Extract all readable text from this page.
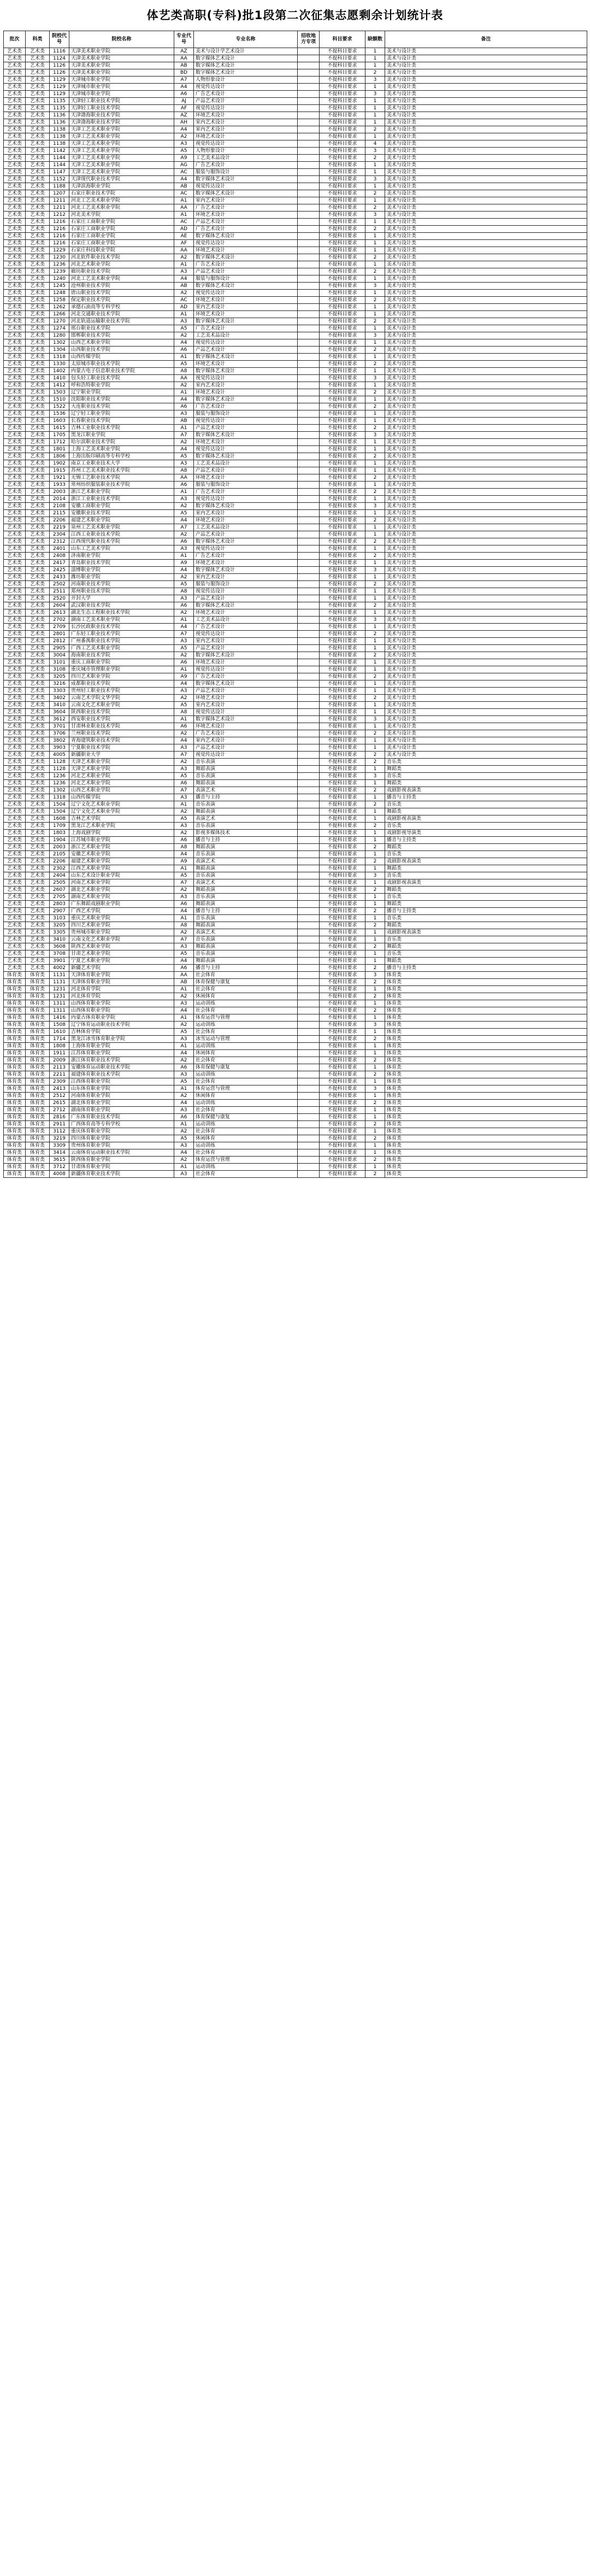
体艺类高职(专科)批1段第二次征集志愿剩余计划统计表
批次	科类	院校代号	院校名称	专业代号	专业名称	招收地方专项	科目要求	缺额数	备注
艺术类	艺术类	1116	天津美术职业学院	AZ	美术与设计学艺术设计		不提科目要求	1	美术与设计类
艺术类	艺术类	1124	天津美术职业学院	AA	数字媒体艺术设计		不提科目要求	1	美术与设计类
艺术类	艺术类	1126	天津美术职业学院	AB	数字媒体艺术设计		不提科目要求	1	美术与设计类
艺术类	艺术类	1126	天津美术职业学院	BD	数字媒体艺术设计		不提科目要求	2	美术与设计类
艺术类	艺术类	1129	天津城市职业学院	A7	人物形象设计		不提科目要求	3	美术与设计类
艺术类	艺术类	1129	天津城市职业学院	A4	视觉传达设计		不提科目要求	1	美术与设计类
艺术类	艺术类	1129	天津城市职业学院	A6	广告艺术设计		不提科目要求	3	美术与设计类
艺术类	艺术类	1135	天津轻工职业技术学院	AJ	产品艺术设计		不提科目要求	1	美术与设计类
艺术类	艺术类	1135	天津轻工职业技术学院	AF	视觉传达设计		不提科目要求	1	美术与设计类
艺术类	艺术类	1136	天津渤海职业技术学院	AZ	环境艺术设计		不提科目要求	1	美术与设计类
艺术类	艺术类	1136	天津渤海职业技术学院	AH	室内艺术设计		不提科目要求	1	美术与设计类
艺术类	艺术类	1138	天津工艺美术职业学院	A4	室内艺术设计		不提科目要求	2	美术与设计类
艺术类	艺术类	1138	天津工艺美术职业学院	A2	环境艺术设计		不提科目要求	1	美术与设计类
艺术类	艺术类	1138	天津工艺美术职业学院	A3	视觉传达设计		不提科目要求	4	美术与设计类
艺术类	艺术类	1142	天津工艺美术职业学院	A5	人物形象设计		不提科目要求	3	美术与设计类
艺术类	艺术类	1144	天津工艺美术职业学院	A9	工艺美术品设计		不提科目要求	2	美术与设计类
艺术类	艺术类	1144	天津工艺美术职业学院	AG	广告艺术设计		不提科目要求	1	美术与设计类
艺术类	艺术类	1147	天津工艺美术职业学院	AC	服装与服饰设计		不提科目要求	1	美术与设计类
艺术类	艺术类	1152	天津现代职业技术学院	A4	数字媒体艺术设计		不提科目要求	3	美术与设计类
艺术类	艺术类	1188	天津滨海职业学院	AB	视觉传达设计		不提科目要求	1	美术与设计类
艺术类	艺术类	1207	石家庄职业技术学院	AC	数字媒体艺术设计		不提科目要求	2	美术与设计类
艺术类	艺术类	1211	河北工艺美术职业学院	A1	室内艺术设计		不提科目要求	1	美术与设计类
艺术类	艺术类	1211	河北工艺美术职业学院	AA	广告艺术设计		不提科目要求	2	美术与设计类
艺术类	艺术类	1212	河北美术学院	A1	环境艺术设计		不提科目要求	3	美术与设计类
艺术类	艺术类	1216	石家庄工商职业学院	AC	产品艺术设计		不提科目要求	1	美术与设计类
艺术类	艺术类	1216	石家庄工商职业学院	AD	广告艺术设计		不提科目要求	2	美术与设计类
艺术类	艺术类	1216	石家庄工商职业学院	AE	数字媒体艺术设计		不提科目要求	1	美术与设计类
艺术类	艺术类	1216	石家庄工商职业学院	AF	视觉传达设计		不提科目要求	1	美术与设计类
艺术类	艺术类	1229	石家庄科技职业学院	AA	环境艺术设计		不提科目要求	1	美术与设计类
艺术类	艺术类	1230	河北软件职业技术学院	A2	数字媒体艺术设计		不提科目要求	2	美术与设计类
艺术类	艺术类	1236	河北艺术职业学院	A1	广告艺术设计		不提科目要求	1	美术与设计类
艺术类	艺术类	1239	廊坊职业技术学院	A3	产品艺术设计		不提科目要求	2	美术与设计类
艺术类	艺术类	1240	河北工艺美术职业学院	A4	服装与服饰设计		不提科目要求	1	美术与设计类
艺术类	艺术类	1245	沧州职业技术学院	AB	数字媒体艺术设计		不提科目要求	3	美术与设计类
艺术类	艺术类	1248	唐山职业技术学院	A2	视觉传达设计		不提科目要求	1	美术与设计类
艺术类	艺术类	1258	保定职业技术学院	AC	环境艺术设计		不提科目要求	2	美术与设计类
艺术类	艺术类	1262	承德石油高等专科学校	AD	室内艺术设计		不提科目要求	1	美术与设计类
艺术类	艺术类	1266	河北交通职业技术学院	A1	环境艺术设计		不提科目要求	1	美术与设计类
艺术类	艺术类	1270	河北轨道运输职业技术学院	A3	数字媒体艺术设计		不提科目要求	2	美术与设计类
艺术类	艺术类	1274	邢台职业技术学院	A5	广告艺术设计		不提科目要求	1	美术与设计类
艺术类	艺术类	1280	邯郸职业技术学院	A2	工艺美术品设计		不提科目要求	3	美术与设计类
艺术类	艺术类	1302	山西艺术职业学院	A4	视觉传达设计		不提科目要求	1	美术与设计类
艺术类	艺术类	1304	山西职业技术学院	A6	产品艺术设计		不提科目要求	2	美术与设计类
艺术类	艺术类	1318	山西传媒学院	A1	数字媒体艺术设计		不提科目要求	1	美术与设计类
艺术类	艺术类	1330	太原城市职业技术学院	A5	环境艺术设计		不提科目要求	2	美术与设计类
艺术类	艺术类	1402	内蒙古电子信息职业技术学院	A8	数字媒体艺术设计		不提科目要求	1	美术与设计类
艺术类	艺术类	1410	包头轻工职业技术学院	AA	视觉传达设计		不提科目要求	3	美术与设计类
艺术类	艺术类	1412	呼和浩特职业学院	A2	室内艺术设计		不提科目要求	1	美术与设计类
艺术类	艺术类	1503	辽宁职业学院	A1	环境艺术设计		不提科目要求	2	美术与设计类
艺术类	艺术类	1510	沈阳职业技术学院	A4	数字媒体艺术设计		不提科目要求	1	美术与设计类
艺术类	艺术类	1522	大连职业技术学院	A6	广告艺术设计		不提科目要求	2	美术与设计类
艺术类	艺术类	1536	辽宁轻工职业学院	A3	服装与服饰设计		不提科目要求	1	美术与设计类
艺术类	艺术类	1603	长春职业技术学院	AB	视觉传达设计		不提科目要求	1	美术与设计类
艺术类	艺术类	1615	吉林工业职业技术学院	A1	产品艺术设计		不提科目要求	2	美术与设计类
艺术类	艺术类	1705	黑龙江职业学院	A7	数字媒体艺术设计		不提科目要求	3	美术与设计类
艺术类	艺术类	1712	哈尔滨职业技术学院	A2	环境艺术设计		不提科目要求	1	美术与设计类
艺术类	艺术类	1801	上海工艺美术职业学院	A4	视觉传达设计		不提科目要求	1	美术与设计类
艺术类	艺术类	1806	上海出版印刷高等专科学校	A5	数字媒体艺术设计		不提科目要求	2	美术与设计类
艺术类	艺术类	1902	南京工业职业技术大学	A3	工艺美术品设计		不提科目要求	1	美术与设计类
艺术类	艺术类	1915	苏州工艺美术职业技术学院	A8	产品艺术设计		不提科目要求	1	美术与设计类
艺术类	艺术类	1921	无锡工艺职业技术学院	AA	环境艺术设计		不提科目要求	2	美术与设计类
艺术类	艺术类	1933	常州纺织服装职业技术学院	A6	服装与服饰设计		不提科目要求	1	美术与设计类
艺术类	艺术类	2003	浙江艺术职业学院	A1	广告艺术设计		不提科目要求	2	美术与设计类
艺术类	艺术类	2014	浙江工业职业技术学院	A3	视觉传达设计		不提科目要求	1	美术与设计类
艺术类	艺术类	2108	安徽工商职业学院	A2	数字媒体艺术设计		不提科目要求	3	美术与设计类
艺术类	艺术类	2115	安徽职业技术学院	A5	室内艺术设计		不提科目要求	1	美术与设计类
艺术类	艺术类	2206	福建艺术职业学院	A4	环境艺术设计		不提科目要求	2	美术与设计类
艺术类	艺术类	2219	泉州工艺美术职业学院	A7	工艺美术品设计		不提科目要求	1	美术与设计类
艺术类	艺术类	2304	江西工业职业技术学院	A2	产品艺术设计		不提科目要求	1	美术与设计类
艺术类	艺术类	2312	江西现代职业技术学院	A6	数字媒体艺术设计		不提科目要求	2	美术与设计类
艺术类	艺术类	2401	山东工艺美术学院	A3	视觉传达设计		不提科目要求	1	美术与设计类
艺术类	艺术类	2408	济南职业学院	A1	广告艺术设计		不提科目要求	2	美术与设计类
艺术类	艺术类	2417	青岛职业技术学院	A9	环境艺术设计		不提科目要求	1	美术与设计类
艺术类	艺术类	2425	淄博职业学院	A4	数字媒体艺术设计		不提科目要求	3	美术与设计类
艺术类	艺术类	2433	潍坊职业学院	A2	室内艺术设计		不提科目要求	1	美术与设计类
艺术类	艺术类	2502	河南职业技术学院	A5	服装与服饰设计		不提科目要求	2	美术与设计类
艺术类	艺术类	2511	郑州职业技术学院	A8	视觉传达设计		不提科目要求	1	美术与设计类
艺术类	艺术类	2520	开封大学	A3	产品艺术设计		不提科目要求	1	美术与设计类
艺术类	艺术类	2604	武汉职业技术学院	A6	数字媒体艺术设计		不提科目要求	2	美术与设计类
艺术类	艺术类	2613	湖北生态工程职业技术学院	A2	环境艺术设计		不提科目要求	1	美术与设计类
艺术类	艺术类	2702	湖南工艺美术职业学院	A1	工艺美术品设计		不提科目要求	3	美术与设计类
艺术类	艺术类	2709	长沙民政职业技术学院	A4	广告艺术设计		不提科目要求	1	美术与设计类
艺术类	艺术类	2801	广东轻工职业技术学院	A7	视觉传达设计		不提科目要求	2	美术与设计类
艺术类	艺术类	2812	广州番禺职业技术学院	A3	室内艺术设计		不提科目要求	1	美术与设计类
艺术类	艺术类	2905	广西工艺美术职业学院	A5	产品艺术设计		不提科目要求	1	美术与设计类
艺术类	艺术类	3004	海南职业技术学院	A2	数字媒体艺术设计		不提科目要求	2	美术与设计类
艺术类	艺术类	3101	重庆工商职业学院	A6	环境艺术设计		不提科目要求	1	美术与设计类
艺术类	艺术类	3108	重庆城市管理职业学院	A1	视觉传达设计		不提科目要求	1	美术与设计类
艺术类	艺术类	3205	四川艺术职业学院	A9	广告艺术设计		不提科目要求	2	美术与设计类
艺术类	艺术类	3216	成都职业技术学院	A4	数字媒体艺术设计		不提科目要求	1	美术与设计类
艺术类	艺术类	3303	贵州轻工职业技术学院	A3	产品艺术设计		不提科目要求	1	美术与设计类
艺术类	艺术类	3402	云南艺术学院文华学院	A2	环境艺术设计		不提科目要求	2	美术与设计类
艺术类	艺术类	3410	云南文化艺术职业学院	A5	室内艺术设计		不提科目要求	1	美术与设计类
艺术类	艺术类	3604	陕西职业技术学院	A8	视觉传达设计		不提科目要求	1	美术与设计类
艺术类	艺术类	3612	西安职业技术学院	A1	数字媒体艺术设计		不提科目要求	3	美术与设计类
艺术类	艺术类	3701	甘肃林业职业技术学院	A6	环境艺术设计		不提科目要求	1	美术与设计类
艺术类	艺术类	3706	兰州职业技术学院	A2	广告艺术设计		不提科目要求	2	美术与设计类
艺术类	艺术类	3802	青海建筑职业技术学院	A4	室内艺术设计		不提科目要求	1	美术与设计类
艺术类	艺术类	3903	宁夏职业技术学院	A3	产品艺术设计		不提科目要求	1	美术与设计类
艺术类	艺术类	4005	新疆职业大学	A7	视觉传达设计		不提科目要求	2	美术与设计类
艺术类	艺术类	1128	天津艺术职业学院	A2	音乐表演		不提科目要求	2	音乐类
艺术类	艺术类	1128	天津艺术职业学院	A3	舞蹈表演		不提科目要求	1	舞蹈类
艺术类	艺术类	1236	河北艺术职业学院	A5	音乐表演		不提科目要求	3	音乐类
艺术类	艺术类	1236	河北艺术职业学院	A6	舞蹈表演		不提科目要求	1	舞蹈类
艺术类	艺术类	1302	山西艺术职业学院	A7	表演艺术		不提科目要求	2	戏剧影视表演类
艺术类	艺术类	1318	山西传媒学院	A3	播音与主持		不提科目要求	1	播音与主持类
艺术类	艺术类	1504	辽宁文化艺术职业学院	A1	音乐表演		不提科目要求	2	音乐类
艺术类	艺术类	1504	辽宁文化艺术职业学院	A2	舞蹈表演		不提科目要求	1	舞蹈类
艺术类	艺术类	1608	吉林艺术学院	A5	表演艺术		不提科目要求	1	戏剧影视表演类
艺术类	艺术类	1709	黑龙江艺术职业学院	A3	音乐表演		不提科目要求	2	音乐类
艺术类	艺术类	1803	上海戏剧学院	A2	影视多媒体技术		不提科目要求	1	戏剧影视导演类
艺术类	艺术类	1904	江苏城市职业学院	A6	播音与主持		不提科目要求	1	播音与主持类
艺术类	艺术类	2003	浙江艺术职业学院	A8	舞蹈表演		不提科目要求	2	舞蹈类
艺术类	艺术类	2105	安徽艺术职业学院	A4	音乐表演		不提科目要求	1	音乐类
艺术类	艺术类	2206	福建艺术职业学院	A9	表演艺术		不提科目要求	2	戏剧影视表演类
艺术类	艺术类	2302	江西艺术职业学院	A1	舞蹈表演		不提科目要求	1	舞蹈类
艺术类	艺术类	2404	山东艺术设计职业学院	A5	音乐表演		不提科目要求	3	音乐类
艺术类	艺术类	2505	河南艺术职业学院	A7	表演艺术		不提科目要求	1	戏剧影视表演类
艺术类	艺术类	2607	湖北艺术职业学院	A2	舞蹈表演		不提科目要求	2	舞蹈类
艺术类	艺术类	2705	湖南艺术职业学院	A3	音乐表演		不提科目要求	1	音乐类
艺术类	艺术类	2803	广东舞蹈戏剧职业学院	A6	舞蹈表演		不提科目要求	1	舞蹈类
艺术类	艺术类	2907	广西艺术学院	A4	播音与主持		不提科目要求	2	播音与主持类
艺术类	艺术类	3103	重庆艺术职业学院	A1	音乐表演		不提科目要求	1	音乐类
艺术类	艺术类	3205	四川艺术职业学院	A8	舞蹈表演		不提科目要求	2	舞蹈类
艺术类	艺术类	3305	贵州城市职业学院	A2	表演艺术		不提科目要求	1	戏剧影视表演类
艺术类	艺术类	3410	云南文化艺术职业学院	A7	音乐表演		不提科目要求	1	音乐类
艺术类	艺术类	3608	陕西艺术职业学院	A3	舞蹈表演		不提科目要求	2	舞蹈类
艺术类	艺术类	3708	甘肃艺术职业学院	A5	音乐表演		不提科目要求	1	音乐类
艺术类	艺术类	3901	宁夏艺术职业学院	A4	舞蹈表演		不提科目要求	1	舞蹈类
艺术类	艺术类	4002	新疆艺术学院	A6	播音与主持		不提科目要求	2	播音与主持类
体育类	体育类	1131	天津体育职业学院	AA	社会体育		不提科目要求	3	体育类
体育类	体育类	1131	天津体育职业学院	AB	体育保健与康复		不提科目要求	2	体育类
体育类	体育类	1231	河北体育学院	A1	社会体育		不提科目要求	1	体育类
体育类	体育类	1231	河北体育学院	A2	休闲体育		不提科目要求	2	体育类
体育类	体育类	1311	山西体育职业学院	A3	运动训练		不提科目要求	1	体育类
体育类	体育类	1311	山西体育职业学院	A4	社会体育		不提科目要求	2	体育类
体育类	体育类	1416	内蒙古体育职业学院	A1	体育运营与管理		不提科目要求	1	体育类
体育类	体育类	1508	辽宁体育运动职业技术学院	A2	运动训练		不提科目要求	3	体育类
体育类	体育类	1610	吉林体育学院	A5	社会体育		不提科目要求	1	体育类
体育类	体育类	1714	黑龙江冰雪体育职业学院	A3	冰雪运动与管理		不提科目要求	2	体育类
体育类	体育类	1808	上海体育职业学院	A1	运动训练		不提科目要求	1	体育类
体育类	体育类	1911	江苏体育职业学院	A4	休闲体育		不提科目要求	1	体育类
体育类	体育类	2009	浙江体育职业技术学院	A2	社会体育		不提科目要求	2	体育类
体育类	体育类	2113	安徽体育运动职业技术学院	A6	体育保健与康复		不提科目要求	1	体育类
体育类	体育类	2211	福建体育职业技术学院	A3	运动训练		不提科目要求	2	体育类
体育类	体育类	2309	江西体育职业学院	A5	社会体育		不提科目要求	1	体育类
体育类	体育类	2413	山东体育职业学院	A1	体育运营与管理		不提科目要求	3	体育类
体育类	体育类	2512	河南体育职业学院	A2	休闲体育		不提科目要求	1	体育类
体育类	体育类	2615	湖北体育职业学院	A4	运动训练		不提科目要求	2	体育类
体育类	体育类	2712	湖南体育职业学院	A3	社会体育		不提科目要求	1	体育类
体育类	体育类	2816	广东体育职业技术学院	A6	体育保健与康复		不提科目要求	1	体育类
体育类	体育类	2911	广西体育高等专科学校	A1	运动训练		不提科目要求	2	体育类
体育类	体育类	3112	重庆体育职业学院	A2	社会体育		不提科目要求	1	体育类
体育类	体育类	3219	四川体育职业学院	A5	休闲体育		不提科目要求	2	体育类
体育类	体育类	3309	贵州体育职业学院	A3	运动训练		不提科目要求	1	体育类
体育类	体育类	3414	云南体育运动职业技术学院	A4	社会体育		不提科目要求	1	体育类
体育类	体育类	3615	陕西体育职业学院	A2	体育运营与管理		不提科目要求	2	体育类
体育类	体育类	3712	甘肃体育职业学院	A1	运动训练		不提科目要求	1	体育类
体育类	体育类	4008	新疆体育职业技术学院	A3	社会体育		不提科目要求	2	体育类
